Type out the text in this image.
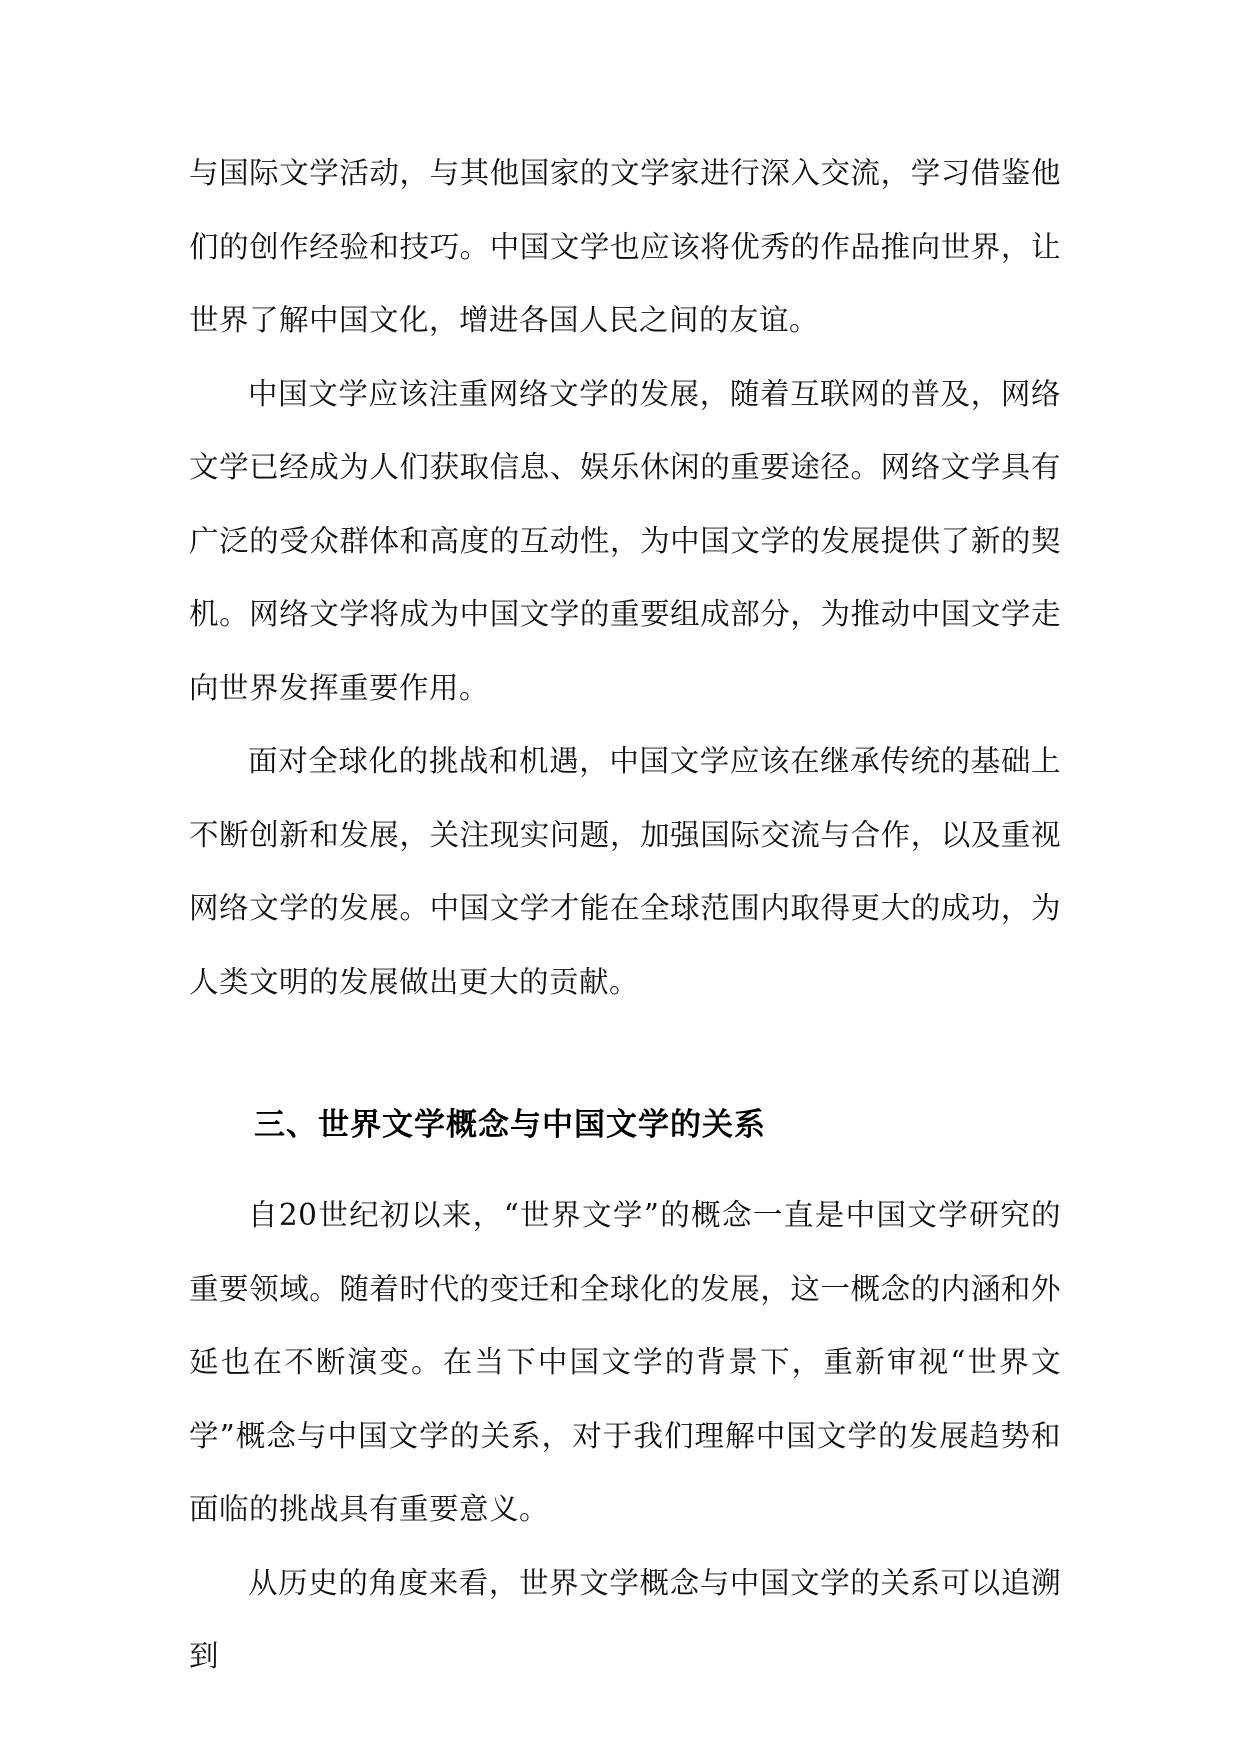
与国际文学活动，与其他国家的文学家进行深入交流，学习借鉴他们的创作经验和技巧。中国文学也应该将优秀的作品推向世界，让世界了解中国文化，增进各国人民之间的友谊。

中国文学应该注重网络文学的发展，随着互联网的普及，网络文学已经成为人们获取信息、娱乐休闲的重要途径。网络文学具有广泛的受众群体和高度的互动性，为中国文学的发展提供了新的契机。网络文学将成为中国文学的重要组成部分，为推动中国文学走向世界发挥重要作用。

面对全球化的挑战和机遇，中国文学应该在继承传统的基础上不断创新和发展，关注现实问题，加强国际交流与合作，以及重视网络文学的发展。中国文学才能在全球范围内取得更大的成功，为人类文明的发展做出更大的贡献。

三、世界文学概念与中国文学的关系

自20世纪初以来，“世界文学”的概念一直是中国文学研究的重要领域。随着时代的变迁和全球化的发展，这一概念的内涵和外延也在不断演变。在当下中国文学的背景下，重新审视“世界文学”概念与中国文学的关系，对于我们理解中国文学的发展趋势和面临的挑战具有重要意义。

从历史的角度来看，世界文学概念与中国文学的关系可以追溯到
